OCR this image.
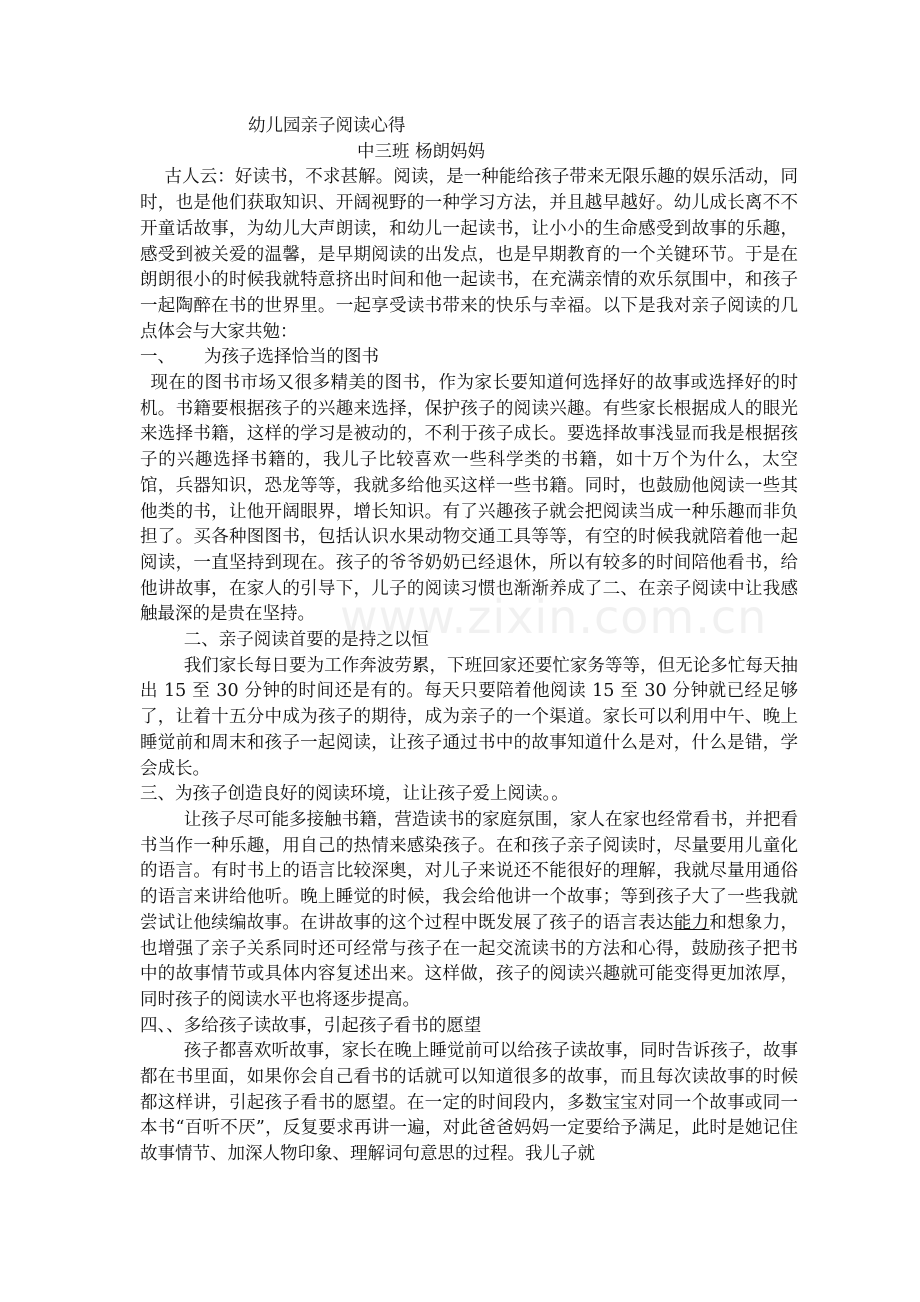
www.zixin.com.cn
幼儿园亲子阅读心得
中三班 杨朗妈妈

古人云：好读书，不求甚解。阅读，是一种能给孩子带来无限乐趣的娱乐活动，同时，也是他们获取知识、开阔视野的一种学习方法，并且越早越好。幼儿成长离不不开童话故事，为幼儿大声朗读，和幼儿一起读书，让小小的生命感受到故事的乐趣，感受到被关爱的温馨，是早期阅读的出发点，也是早期教育的一个关键环节。于是在朗朗很小的时候我就特意挤出时间和他一起读书，在充满亲情的欢乐氛围中，和孩子一起陶醉在书的世界里。一起享受读书带来的快乐与幸福。以下是我对亲子阅读的几点体会与大家共勉：

一、 为孩子选择恰当的图书

现在的图书市场又很多精美的图书，作为家长要知道何选择好的故事或选择好的时机。书籍要根据孩子的兴趣来选择，保护孩子的阅读兴趣。有些家长根据成人的眼光来选择书籍，这样的学习是被动的，不利于孩子成长。要选择故事浅显而我是根据孩子的兴趣选择书籍的，我儿子比较喜欢一些科学类的书籍，如十万个为什么，太空馆，兵器知识，恐龙等等，我就多给他买这样一些书籍。同时，也鼓励他阅读一些其他类的书，让他开阔眼界，增长知识。有了兴趣孩子就会把阅读当成一种乐趣而非负担了。买各种图图书，包括认识水果动物交通工具等等，有空的时候我就陪着他一起阅读，一直坚持到现在。孩子的爷爷奶奶已经退休，所以有较多的时间陪他看书，给他讲故事，在家人的引导下，儿子的阅读习惯也渐渐养成了二、在亲子阅读中让我感触最深的是贵在坚持。

二、亲子阅读首要的是持之以恒

我们家长每日要为工作奔波劳累，下班回家还要忙家务等等，但无论多忙每天抽出 15 至 30 分钟的时间还是有的。每天只要陪着他阅读 15 至 30 分钟就已经足够了，让着十五分中成为孩子的期待，成为亲子的一个渠道。家长可以利用中午、晚上睡觉前和周末和孩子一起阅读，让孩子通过书中的故事知道什么是对，什么是错，学会成长。

三、为孩子创造良好的阅读环境，让让孩子爱上阅读。。

让孩子尽可能多接触书籍，营造读书的家庭氛围，家人在家也经常看书，并把看书当作一种乐趣，用自己的热情来感染孩子。在和孩子亲子阅读时，尽量要用儿童化的语言。有时书上的语言比较深奥，对儿子来说还不能很好的理解，我就尽量用通俗的语言来讲给他听。晚上睡觉的时候，我会给他讲一个故事；等到孩子大了一些我就尝试让他续编故事。在讲故事的这个过程中既发展了孩子的语言表达能力和想象力，也增强了亲子关系同时还可经常与孩子在一起交流读书的方法和心得，鼓励孩子把书中的故事情节或具体内容复述出来。这样做，孩子的阅读兴趣就可能变得更加浓厚，同时孩子的阅读水平也将逐步提高。

四、、多给孩子读故事，引起孩子看书的愿望

孩子都喜欢听故事，家长在晚上睡觉前可以给孩子读故事，同时告诉孩子，故事都在书里面，如果你会自己看书的话就可以知道很多的故事，而且每次读故事的时候都这样讲，引起孩子看书的愿望。在一定的时间段内，多数宝宝对同一个故事或同一本书“百听不厌”，反复要求再讲一遍，对此爸爸妈妈一定要给予满足，此时是她记住故事情节、加深人物印象、理解词句意思的过程。我儿子就
